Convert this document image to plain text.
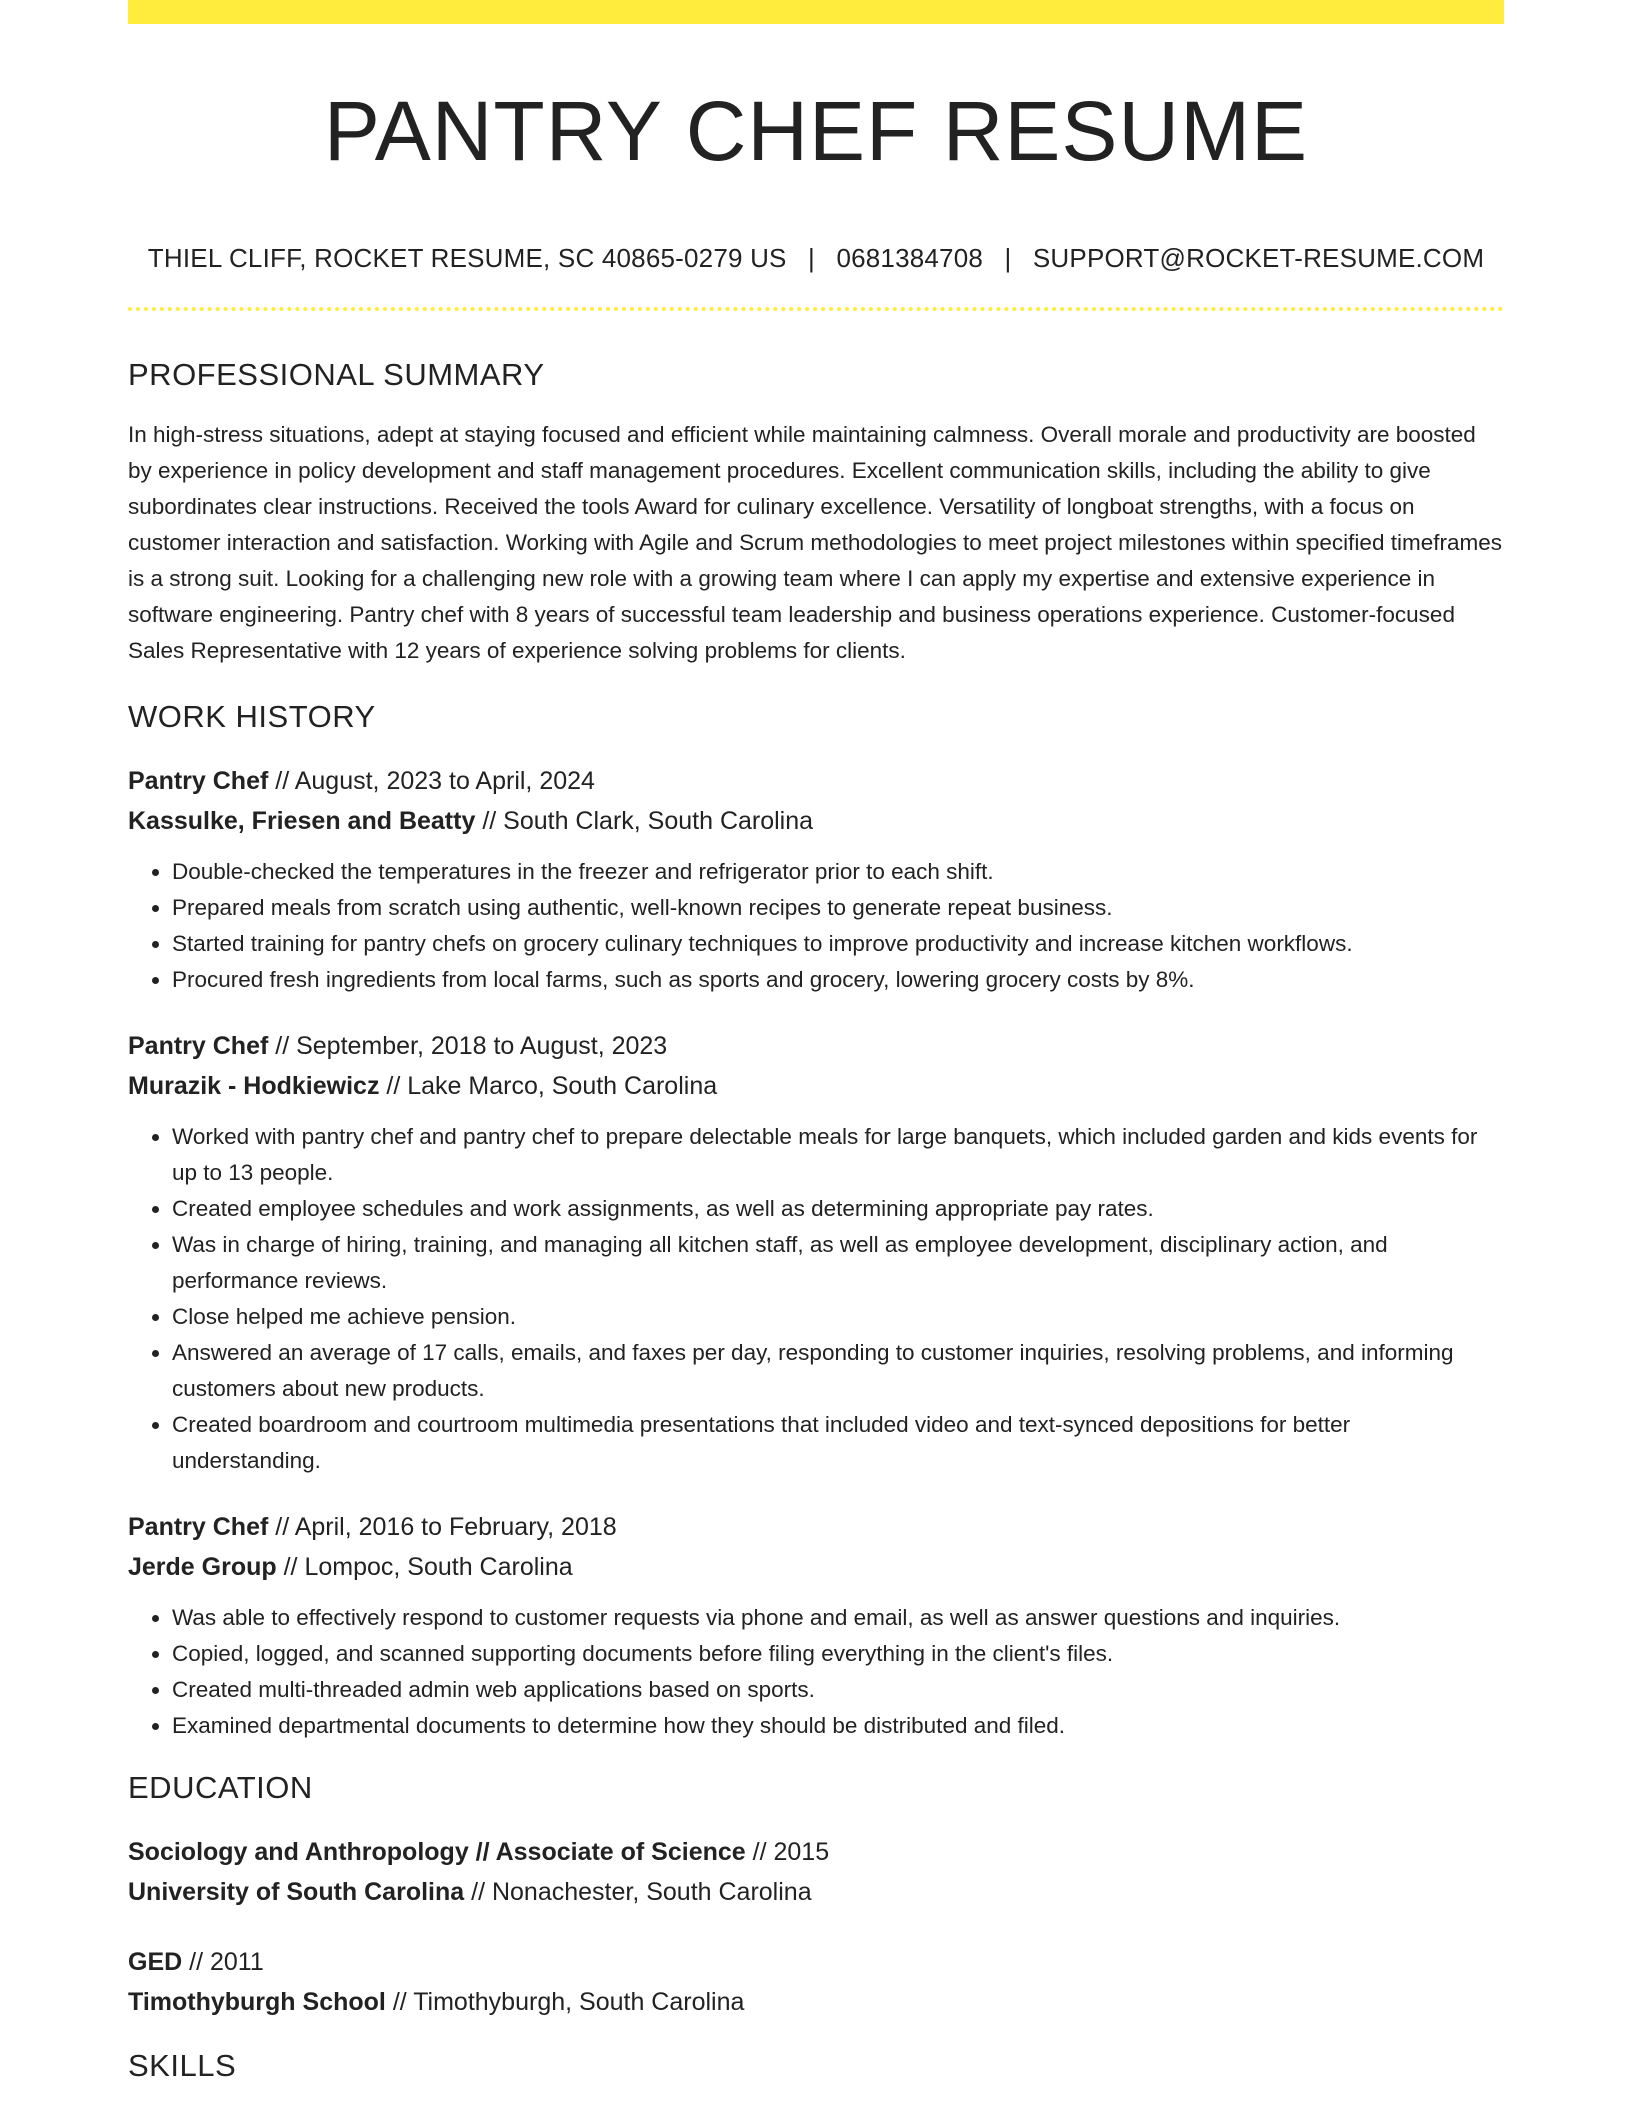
PANTRY CHEF RESUME
THIEL CLIFF, ROCKET RESUME, SC 40865-0279 US | 0681384708 | SUPPORT@ROCKET-RESUME.COM
PROFESSIONAL SUMMARY
In high-stress situations, adept at staying focused and efficient while maintaining calmness. Overall morale and productivity are boosted by experience in policy development and staff management procedures. Excellent communication skills, including the ability to give subordinates clear instructions. Received the tools Award for culinary excellence. Versatility of longboat strengths, with a focus on customer interaction and satisfaction. Working with Agile and Scrum methodologies to meet project milestones within specified timeframes is a strong suit. Looking for a challenging new role with a growing team where I can apply my expertise and extensive experience in software engineering. Pantry chef with 8 years of successful team leadership and business operations experience. Customer-focused Sales Representative with 12 years of experience solving problems for clients.
WORK HISTORY
Pantry Chef // August, 2023 to April, 2024
Kassulke, Friesen and Beatty // South Clark, South Carolina
• Double-checked the temperatures in the freezer and refrigerator prior to each shift.
• Prepared meals from scratch using authentic, well-known recipes to generate repeat business.
• Started training for pantry chefs on grocery culinary techniques to improve productivity and increase kitchen workflows.
• Procured fresh ingredients from local farms, such as sports and grocery, lowering grocery costs by 8%.
Pantry Chef // September, 2018 to August, 2023
Murazik - Hodkiewicz // Lake Marco, South Carolina
• Worked with pantry chef and pantry chef to prepare delectable meals for large banquets, which included garden and kids events for up to 13 people.
• Created employee schedules and work assignments, as well as determining appropriate pay rates.
• Was in charge of hiring, training, and managing all kitchen staff, as well as employee development, disciplinary action, and performance reviews.
• Close helped me achieve pension.
• Answered an average of 17 calls, emails, and faxes per day, responding to customer inquiries, resolving problems, and informing customers about new products.
• Created boardroom and courtroom multimedia presentations that included video and text-synced depositions for better understanding.
Pantry Chef // April, 2016 to February, 2018
Jerde Group // Lompoc, South Carolina
• Was able to effectively respond to customer requests via phone and email, as well as answer questions and inquiries.
• Copied, logged, and scanned supporting documents before filing everything in the client's files.
• Created multi-threaded admin web applications based on sports.
• Examined departmental documents to determine how they should be distributed and filed.
EDUCATION
Sociology and Anthropology // Associate of Science // 2015
University of South Carolina // Nonachester, South Carolina
GED // 2011
Timothyburgh School // Timothyburgh, South Carolina
SKILLS
